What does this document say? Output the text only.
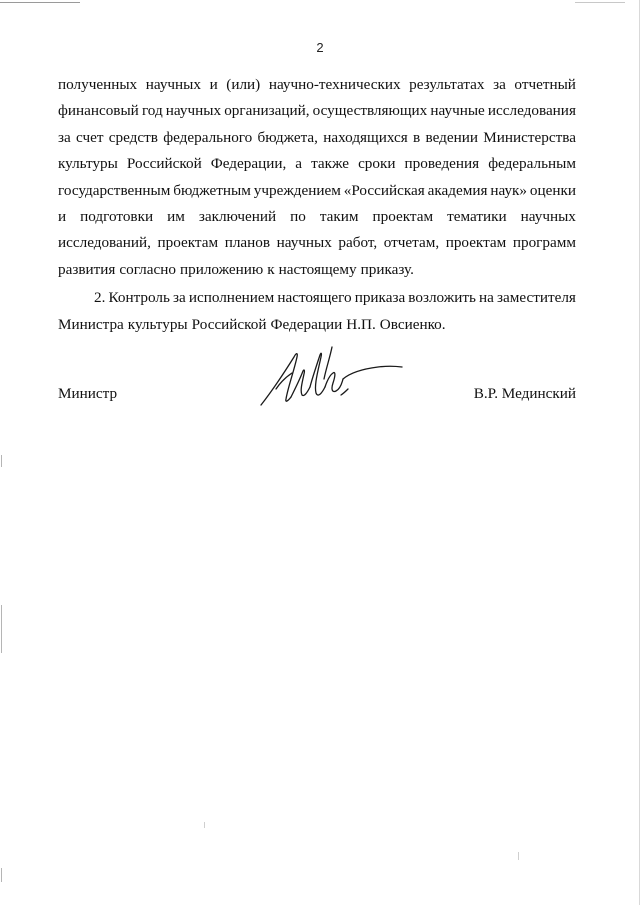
2
полученных научных и (или) научно-технических результатах за отчетный
финансовый год научных организаций, осуществляющих научные исследования
за счет средств федерального бюджета, находящихся в ведении Министерства
культуры Российской Федерации, а также сроки проведения федеральным
государственным бюджетным учреждением «Российская академия наук» оценки
и подготовки им заключений по таким проектам тематики научных
исследований, проектам планов научных работ, отчетам, проектам программ
развития согласно приложению к настоящему приказу.
2. Контроль за исполнением настоящего приказа возложить на заместителя
Министра культуры Российской Федерации Н.П. Овсиенко.
Министр	В.Р. Мединский
